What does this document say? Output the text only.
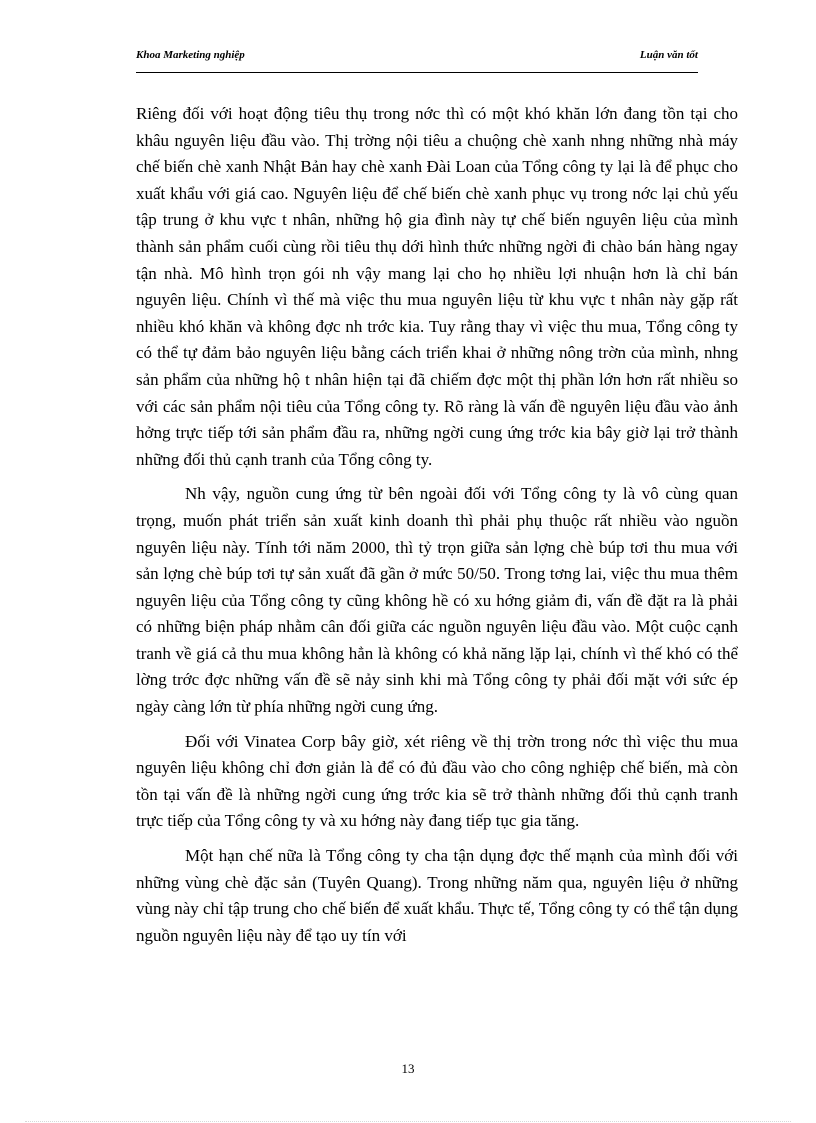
Khoa Marketing nghiệp	Luận văn tốt

Riêng đối với hoạt động tiêu thụ trong nớc thì có một khó khăn lớn đang tồn tại cho khâu nguyên liệu đầu vào. Thị trờng nội tiêu a chuộng chè xanh nhng những nhà máy chế biến chè xanh Nhật Bản hay chè xanh Đài Loan của Tổng công ty lại là để phục cho xuất khẩu với giá cao. Nguyên liệu để chế biến chè xanh phục vụ trong nớc lại chủ yếu tập trung ở khu vực t nhân, những hộ gia đình này tự chế biến nguyên liệu của mình thành sản phẩm cuối cùng rồi tiêu thụ dới hình thức những ngời đi chào bán hàng ngay tận nhà. Mô hình trọn gói nh vậy mang lại cho họ nhiều lợi nhuận hơn là chỉ bán nguyên liệu. Chính vì thế mà việc thu mua nguyên liệu từ khu vực t nhân này gặp rất nhiều khó khăn và không đợc nh trớc kia. Tuy rằng thay vì việc thu mua, Tổng công ty có thể tự đảm bảo nguyên liệu bằng cách triển khai ở những nông trờn của mình, nhng sản phẩm của những hộ t nhân hiện tại đã chiếm đợc một thị phần lớn hơn rất nhiều so với các sản phẩm nội tiêu của Tổng công ty. Rõ ràng là vấn đề nguyên liệu đầu vào ảnh hởng trực tiếp tới sản phẩm đầu ra, những ngời cung ứng trớc kia bây giờ lại trở thành những đối thủ cạnh tranh của Tổng công ty.

Nh vậy, nguồn cung ứng từ bên ngoài đối với Tổng công ty là vô cùng quan trọng, muốn phát triển sản xuất kinh doanh thì phải phụ thuộc rất nhiều vào nguồn nguyên liệu này. Tính tới năm 2000, thì tỷ trọn giữa sản lợng chè búp tơi thu mua với sản lợng chè búp tơi tự sản xuất đã gần ở mức 50/50. Trong tơng lai, việc thu mua thêm nguyên liệu của Tổng công ty cũng không hề có xu hớng giảm đi, vấn đề đặt ra là phải có những biện pháp nhằm cân đối giữa các nguồn nguyên liệu đầu vào. Một cuộc cạnh tranh về giá cả thu mua không hẳn là không có khả năng lặp lại, chính vì thế khó có thể lờng trớc đợc những vấn đề sẽ nảy sinh khi mà Tổng công ty phải đối mặt với sức ép ngày càng lớn từ phía những ngời cung ứng.

Đối với Vinatea Corp bây giờ, xét riêng về thị trờn trong nớc thì việc thu mua nguyên liệu không chỉ đơn giản là để có đủ đầu vào cho công nghiệp chế biến, mà còn tồn tại vấn đề là những ngời cung ứng trớc kia sẽ trở thành những đối thủ cạnh tranh trực tiếp của Tổng công ty và xu hớng này đang tiếp tục gia tăng.

Một hạn chế nữa là Tổng công ty cha tận dụng đợc thế mạnh của mình đối với những vùng chè đặc sản (Tuyên Quang). Trong những năm qua, nguyên liệu ở những vùng này chỉ tập trung cho chế biến để xuất khẩu. Thực tế, Tổng công ty có thể tận dụng nguồn nguyên liệu này để tạo uy tín với

13
